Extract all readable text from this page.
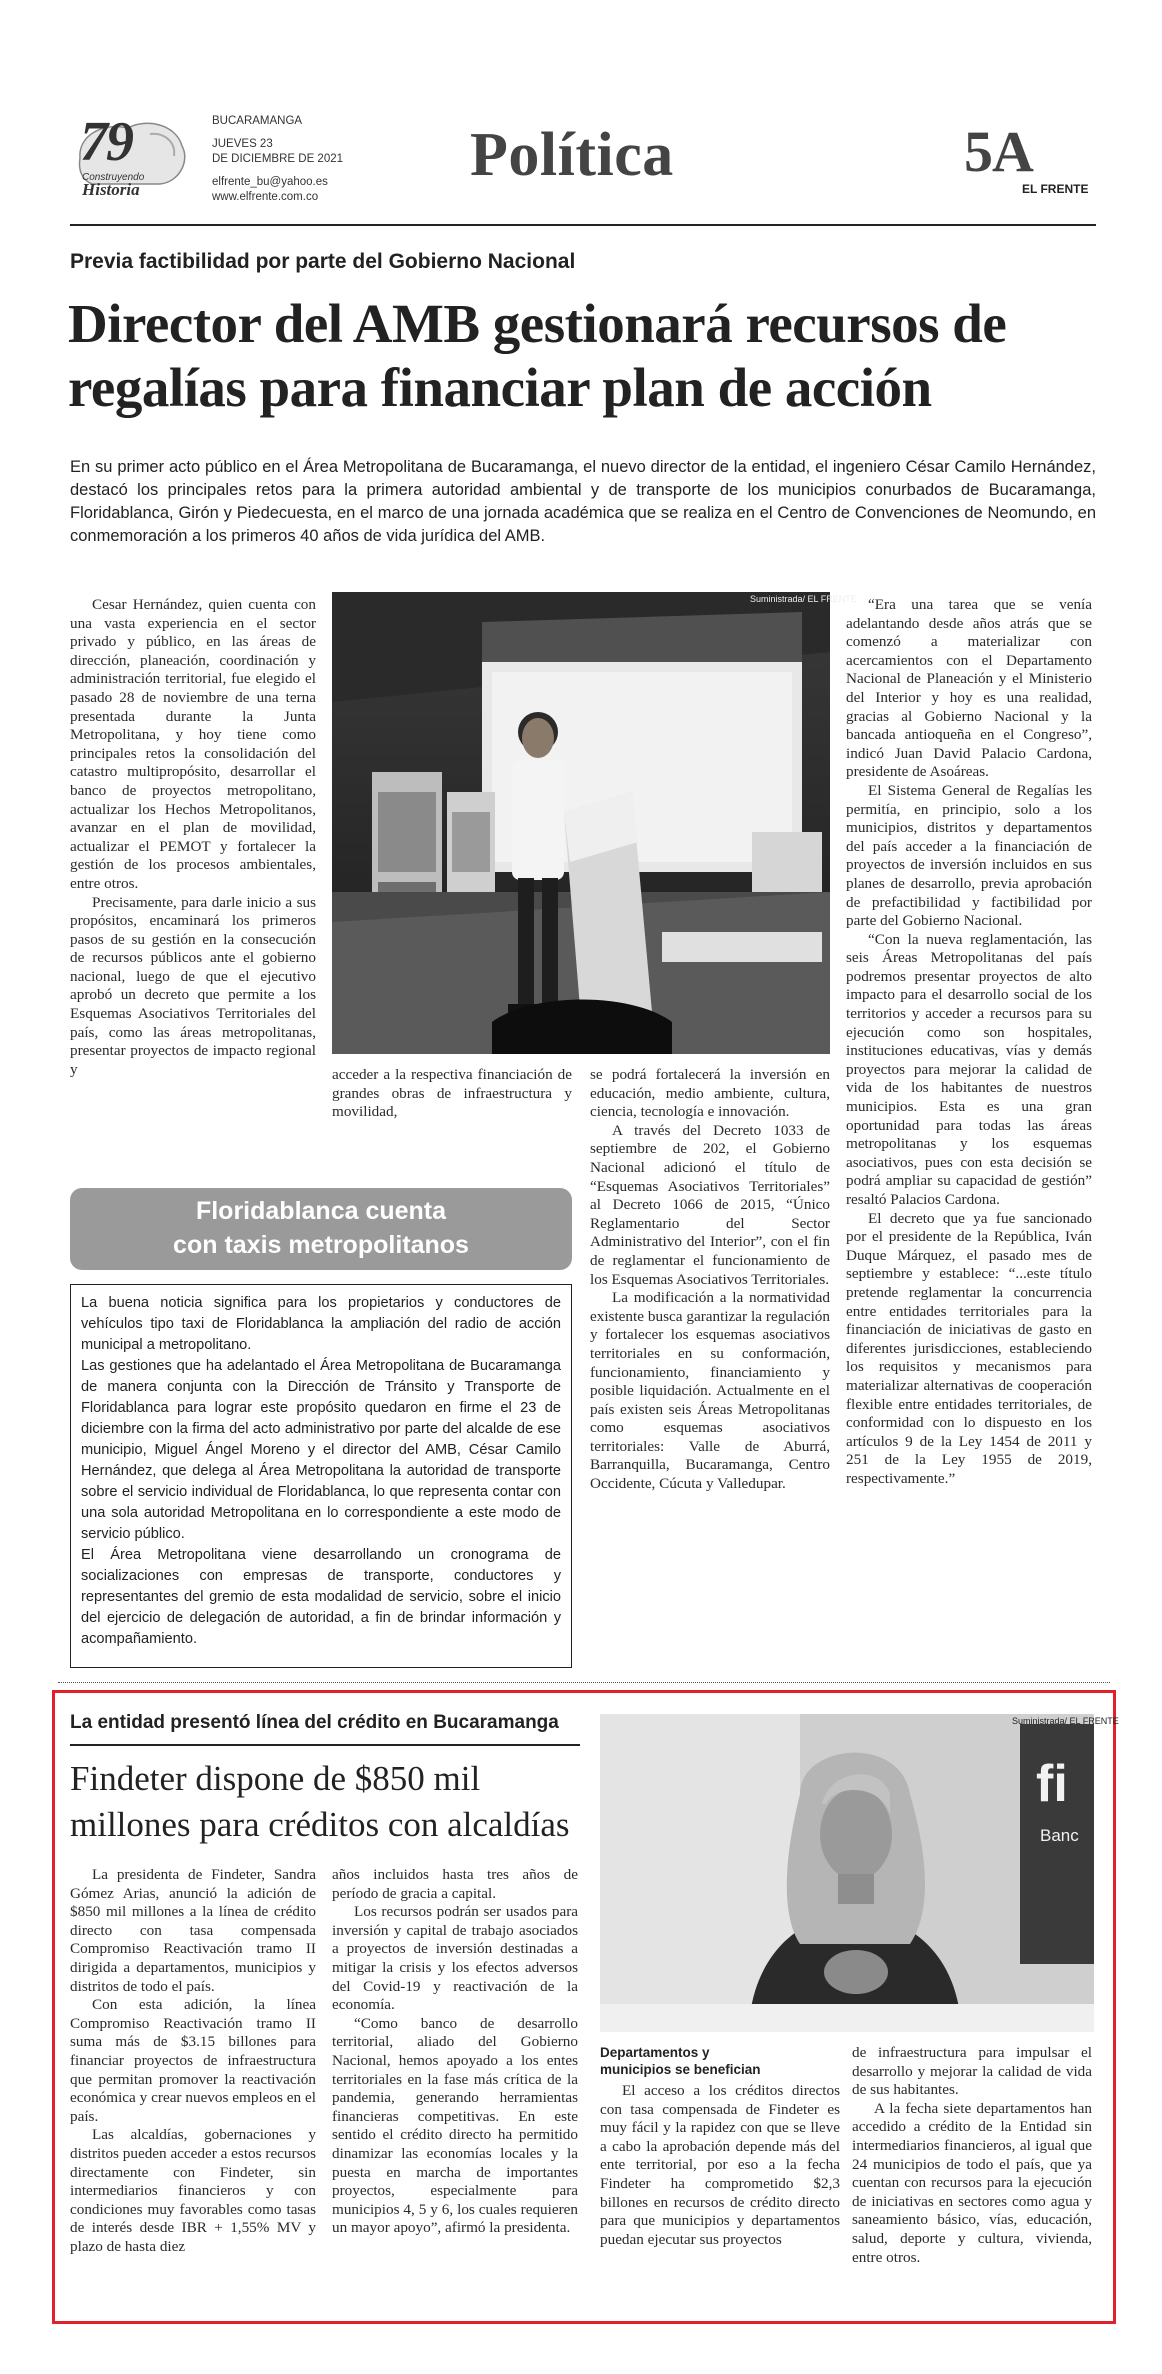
79
Construyendo
Historia
BUCARAMANGA
JUEVES 23
DE DICIEMBRE DE 2021
elfrente_bu@yahoo.es
www.elfrente.com.co
Política	5A
EL FRENTE
Previa factibilidad por parte del Gobierno Nacional
Director del AMB gestionará recursos de
regalías para financiar plan de acción
En su primer acto público en el Área Metropolitana de Bucaramanga, el nuevo director de la entidad, el ingeniero César Camilo Hernández, destacó los principales retos para la primera autoridad ambiental y de transporte de los municipios conurbados de Bucaramanga, Floridablanca, Girón y Piedecuesta, en el marco de una jornada académica que se realiza en el Centro de Convenciones de Neomundo, en conmemoración a los primeros 40 años de vida jurídica del AMB.
Suministrada/ EL FRENTE

Cesar Hernández, quien cuenta con una vasta experiencia en el sector privado y público, en las áreas de dirección, planeación, coordinación y administración territorial, fue elegido el pasado 28 de noviembre de una terna presentada durante la Junta Metropolitana, y hoy tiene como principales retos la consolidación del catastro multipropósito, desarrollar el banco de proyectos metropolitano, actualizar los Hechos Metropolitanos, avanzar en el plan de movilidad, actualizar el PEMOT y fortalecer la gestión de los procesos ambientales, entre otros.

Precisamente, para darle inicio a sus propósitos, encaminará los primeros pasos de su gestión en la consecución de recursos públicos ante el gobierno nacional, luego de que el ejecutivo aprobó un decreto que permite a los Esquemas Asociativos Territoriales del país, como las áreas metropolitanas, presentar proyectos de impacto regional y	acceder a la respectiva financiación de grandes obras de infraestructura y movilidad,

se podrá fortalecerá la inversión en educación, medio ambiente, cultura, ciencia, tecnología e innovación.

A través del Decreto 1033 de septiembre de 202, el Gobierno Nacional adicionó el título de “Esquemas Asociativos Territoriales” al Decreto 1066 de 2015, “Único Reglamentario del Sector Administrativo del Interior”, con el fin de reglamentar el funcionamiento de los Esquemas Asociativos Territoriales.

La modificación a la normatividad existente busca garantizar la regulación y fortalecer los esquemas asociativos territoriales en su conformación, funcionamiento, financiamiento y posible liquidación. Actualmente en el país existen seis Áreas Metropolitanas como esquemas asociativos territoriales: Valle de Aburrá, Barranquilla, Bucaramanga, Centro Occidente, Cúcuta y Valledupar.

“Era una tarea que se venía adelantando desde años atrás que se comenzó a materializar con acercamientos con el Departamento Nacional de Planeación y el Ministerio del Interior y hoy es una realidad, gracias al Gobierno Nacional y la bancada antioqueña en el Congreso”, indicó Juan David Palacio Cardona, presidente de Asoáreas.

El Sistema General de Regalías les permitía, en principio, solo a los municipios, distritos y departamentos del país acceder a la financiación de proyectos de inversión incluidos en sus planes de desarrollo, previa aprobación de prefactibilidad y factibilidad por parte del Gobierno Nacional.

“Con la nueva reglamentación, las seis Áreas Metropolitanas del país podremos presentar proyectos de alto impacto para el desarrollo social de los territorios y acceder a recursos para su ejecución como son hospitales, instituciones educativas, vías y demás proyectos para mejorar la calidad de vida de los habitantes de nuestros municipios. Esta es una gran oportunidad para todas las áreas metropolitanas y los esquemas asociativos, pues con esta decisión se podrá ampliar su capacidad de gestión” resaltó Palacios Cardona.

El decreto que ya fue sancionado por el presidente de la República, Iván Duque Márquez, el pasado mes de septiembre y establece: “...este título pretende reglamentar la concurrencia entre entidades territoriales para la financiación de iniciativas de gasto en diferentes jurisdicciones, estableciendo los requisitos y mecanismos para materializar alternativas de cooperación flexible entre entidades territoriales, de conformidad con lo dispuesto en los artículos 9 de la Ley 1454 de 2011 y 251 de la Ley 1955 de 2019, respectivamente.”

Floridablanca cuenta
con taxis metropolitanos
La buena noticia significa para los propietarios y conductores de vehículos tipo taxi de Floridablanca la ampliación del radio de acción municipal a metropolitano.
Las gestiones que ha adelantado el Área Metropolitana de Bucaramanga de manera conjunta con la Dirección de Tránsito y Transporte de Floridablanca para lograr este propósito quedaron en firme el 23 de diciembre con la firma del acto administrativo por parte del alcalde de ese municipio, Miguel Ángel Moreno y el director del AMB, César Camilo Hernández, que delega al Área Metropolitana la autoridad de transporte sobre el servicio individual de Floridablanca, lo que representa contar con una sola autoridad Metropolitana en lo correspondiente a este modo de servicio público.
El Área Metropolitana viene desarrollando un cronograma de socializaciones con empresas de transporte, conductores y representantes del gremio de esta modalidad de servicio, sobre el inicio del ejercicio de delegación de autoridad, a fin de brindar información y acompañamiento.
La entidad presentó línea del crédito en Bucaramanga
Findeter dispone de $850 mil
millones para créditos con alcaldías
fi
Banc
Suministrada/ EL FRENTE

La presidenta de Findeter, Sandra Gómez Arias, anunció la adición de $850 mil millones a la línea de crédito directo con tasa compensada Compromiso Reactivación tramo II dirigida a departamentos, municipios y distritos de todo el país.

Con esta adición, la línea Compromiso Reactivación tramo II suma más de $3.15 billones para financiar proyectos de infraestructura que permitan promover la reactivación económica y crear nuevos empleos en el país.

Las alcaldías, gobernaciones y distritos pueden acceder a estos recursos directamente con Findeter, sin intermediarios financieros y con condiciones muy favorables como tasas de interés desde IBR + 1,55% MV y plazo de hasta diez

años incluidos hasta tres años de período de gracia a capital.

Los recursos podrán ser usados para inversión y capital de trabajo asociados a proyectos de inversión destinadas a mitigar la crisis y los efectos adversos del Covid-19 y reactivación de la economía.

“Como banco de desarrollo territorial, aliado del Gobierno Nacional, hemos apoyado a los entes territoriales en la fase más crítica de la pandemia, generando herramientas financieras competitivas. En este sentido el crédito directo ha permitido dinamizar las economías locales y la puesta en marcha de importantes proyectos, especialmente para municipios 4, 5 y 6, los cuales requieren un mayor apoyo”, afirmó la presidenta.

Departamentos y
municipios se benefician

El acceso a los créditos directos con tasa compensada de Findeter es muy fácil y la rapidez con que se lleve a cabo la aprobación depende más del ente territorial, por eso a la fecha Findeter ha comprometido $2,3 billones en recursos de crédito directo para que municipios y departamentos puedan ejecutar sus proyectos

de infraestructura para impulsar el desarrollo y mejorar la calidad de vida de sus habitantes.

A la fecha siete departamentos han accedido a crédito de la Entidad sin intermediarios financieros, al igual que 24 municipios de todo el país, que ya cuentan con recursos para la ejecución de iniciativas en sectores como agua y saneamiento básico, vías, educación, salud, deporte y cultura, vivienda, entre otros.
